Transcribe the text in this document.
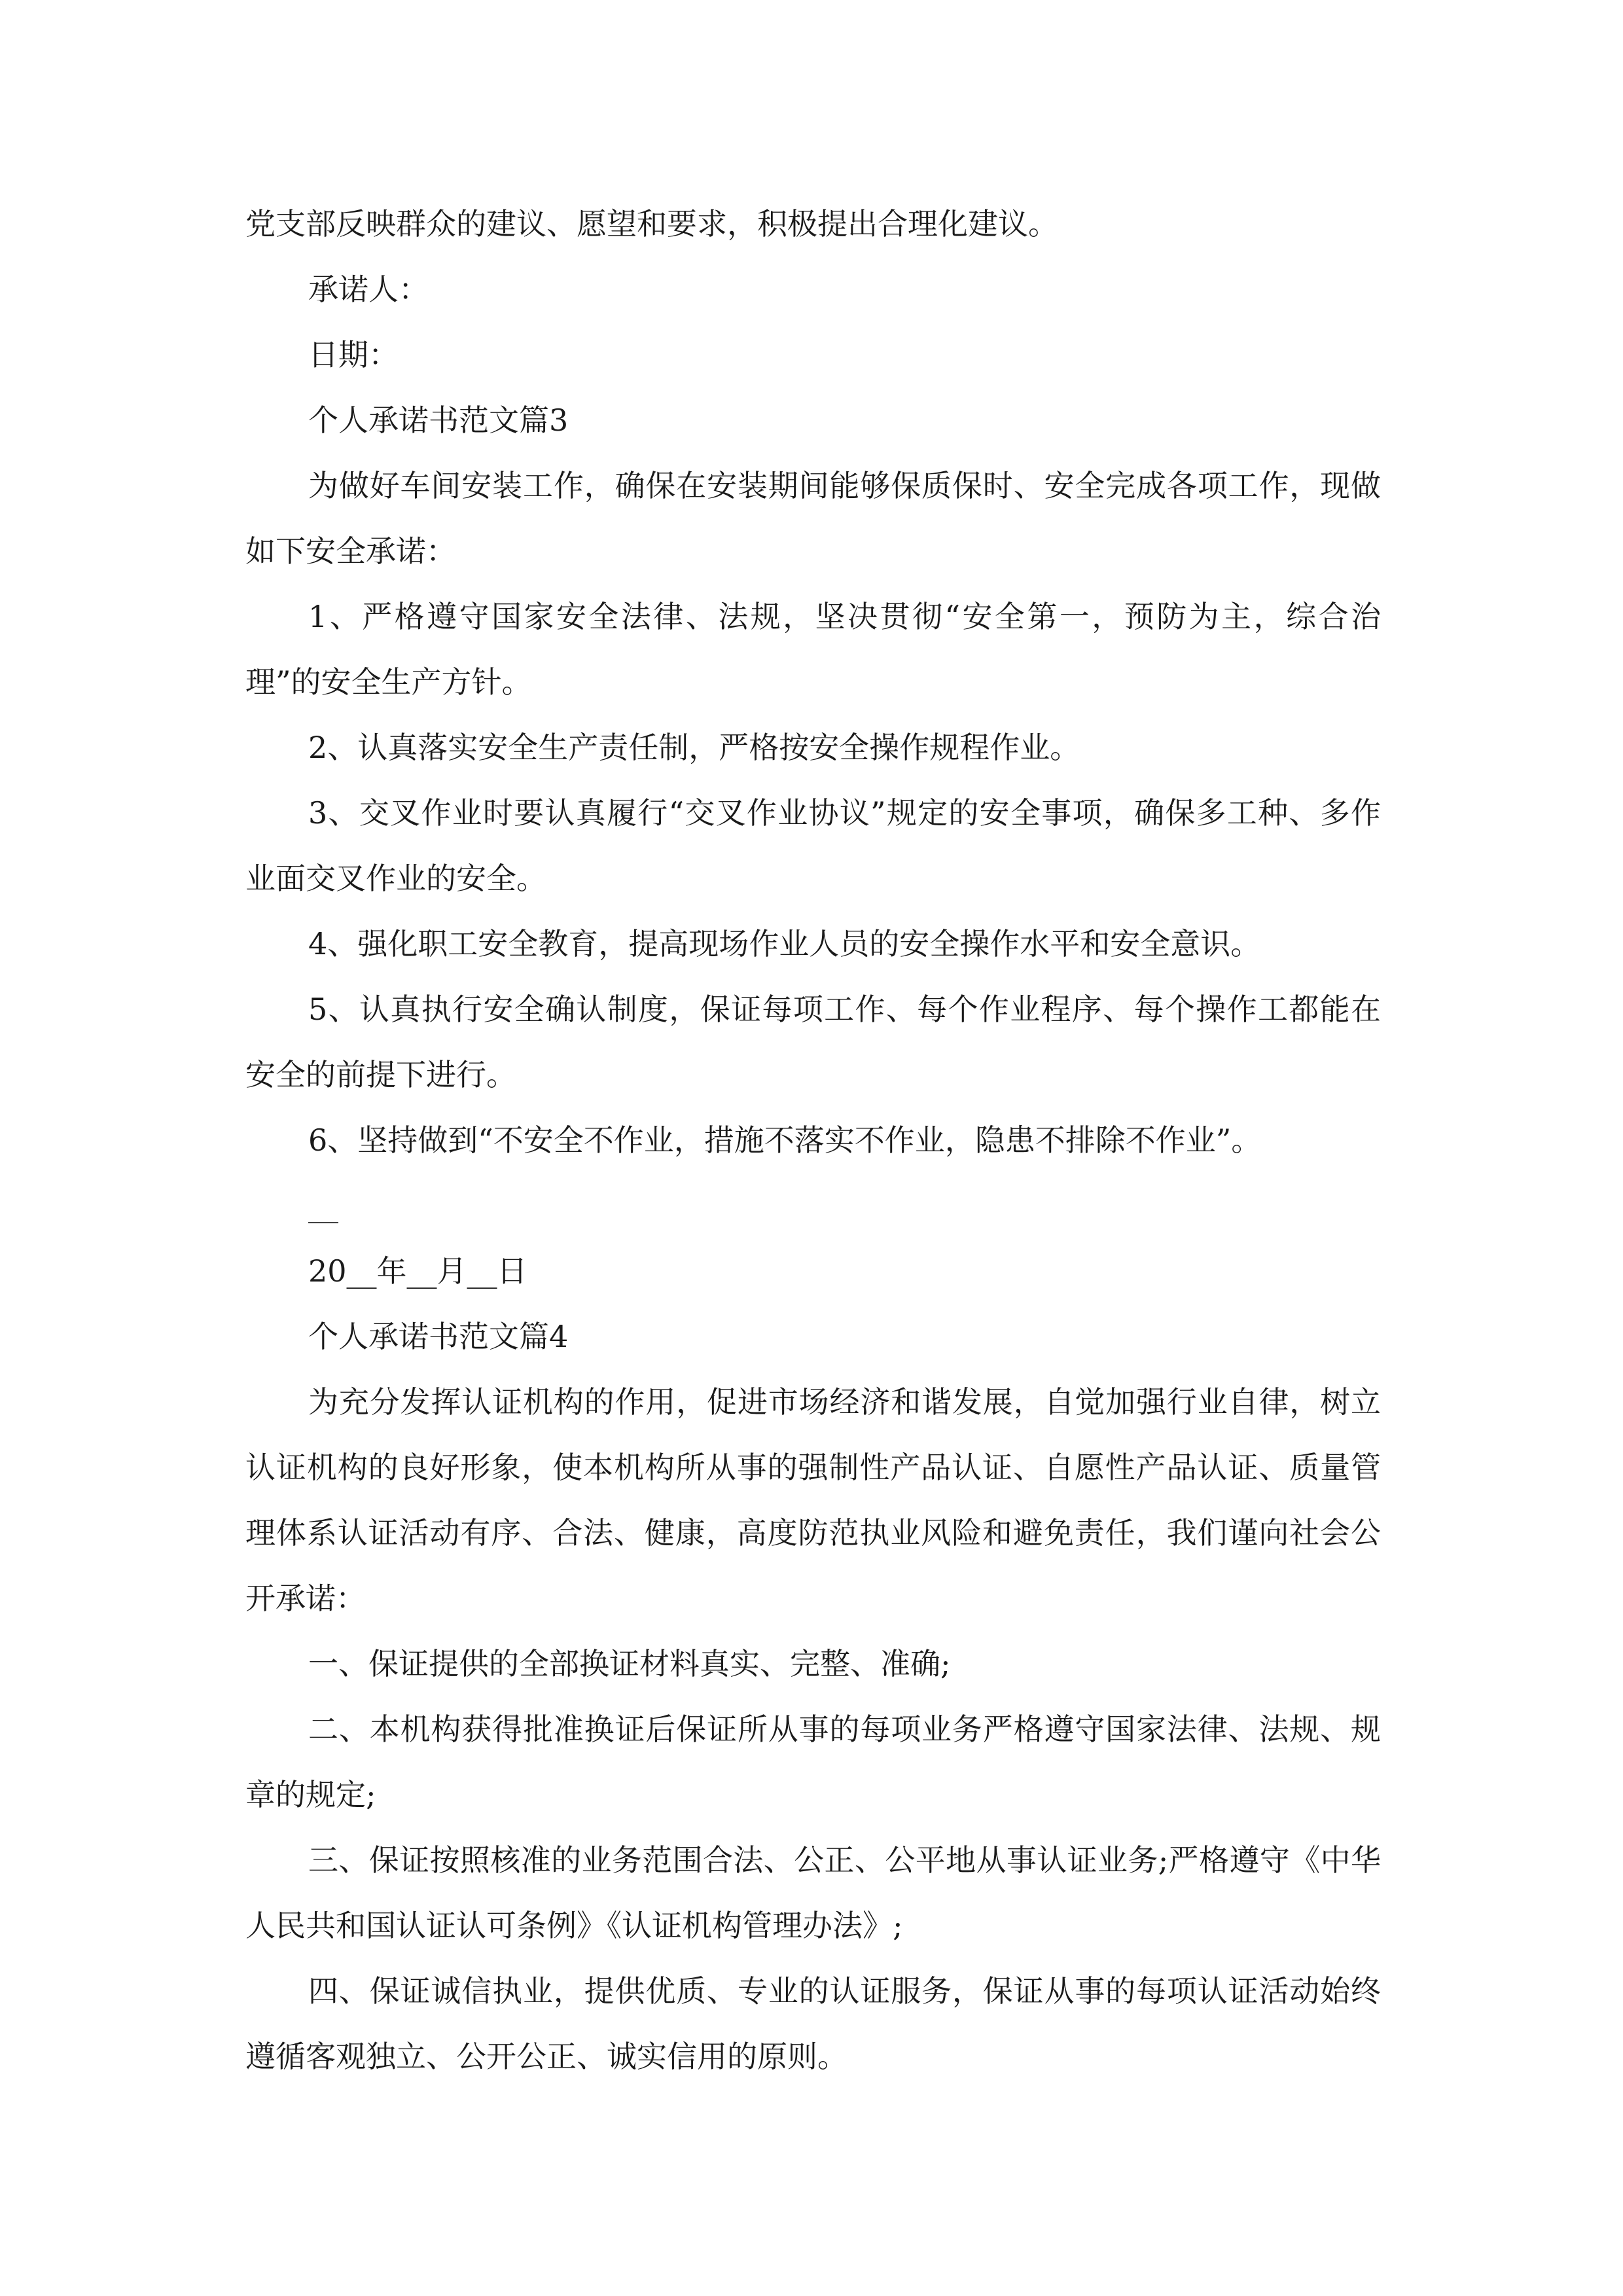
党支部反映群众的建议、愿望和要求，积极提出合理化建议。

承诺人：

日期：

个人承诺书范文篇3

为做好车间安装工作，确保在安装期间能够保质保时、安全完成各项工作，现做如下安全承诺：

1、严格遵守国家安全法律、法规，坚决贯彻“安全第一，预防为主，综合治理”的安全生产方针。

2、认真落实安全生产责任制，严格按安全操作规程作业。

3、交叉作业时要认真履行“交叉作业协议”规定的安全事项，确保多工种、多作业面交叉作业的安全。

4、强化职工安全教育，提高现场作业人员的安全操作水平和安全意识。

5、认真执行安全确认制度，保证每项工作、每个作业程序、每个操作工都能在安全的前提下进行。

6、坚持做到“不安全不作业，措施不落实不作业，隐患不排除不作业”。

__

20__年__月__日

个人承诺书范文篇4

为充分发挥认证机构的作用，促进市场经济和谐发展，自觉加强行业自律，树立认证机构的良好形象，使本机构所从事的强制性产品认证、自愿性产品认证、质量管理体系认证活动有序、合法、健康，高度防范执业风险和避免责任，我们谨向社会公开承诺：

一、保证提供的全部换证材料真实、完整、准确;

二、本机构获得批准换证后保证所从事的每项业务严格遵守国家法律、法规、规章的规定;

三、保证按照核准的业务范围合法、公正、公平地从事认证业务;严格遵守《中华人民共和国认证认可条例》《认证机构管理办法》;

四、保证诚信执业，提供优质、专业的认证服务，保证从事的每项认证活动始终遵循客观独立、公开公正、诚实信用的原则。
